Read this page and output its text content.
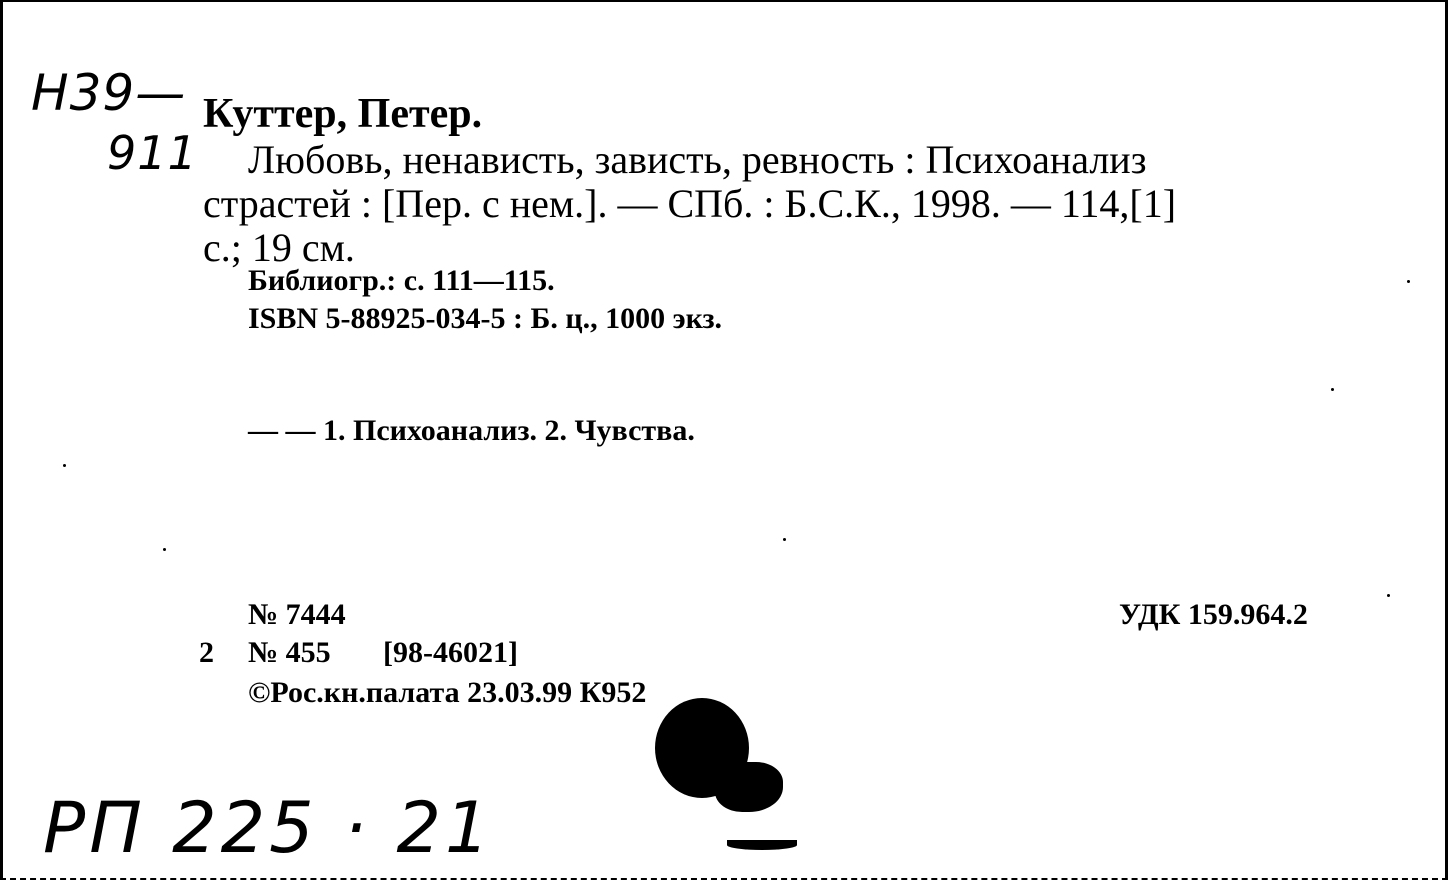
Н39—
911
Куттер, Петер.
Любовь, ненависть, зависть, ревность : Психоанализ
страстей : [Пер. с нем.]. — СПб. : Б.С.К., 1998. — 114,[1]
с.; 19 см.
Библиогр.: с. 111—115.
ISBN 5-88925-034-5 : Б. ц., 1000 экз.
— — 1. Психоанализ. 2. Чувства.
№ 7444
2 № 455 [98-46021]
©Рос.кн.палата 23.03.99 К952
УДК 159.964.2
РП 225 · 21
